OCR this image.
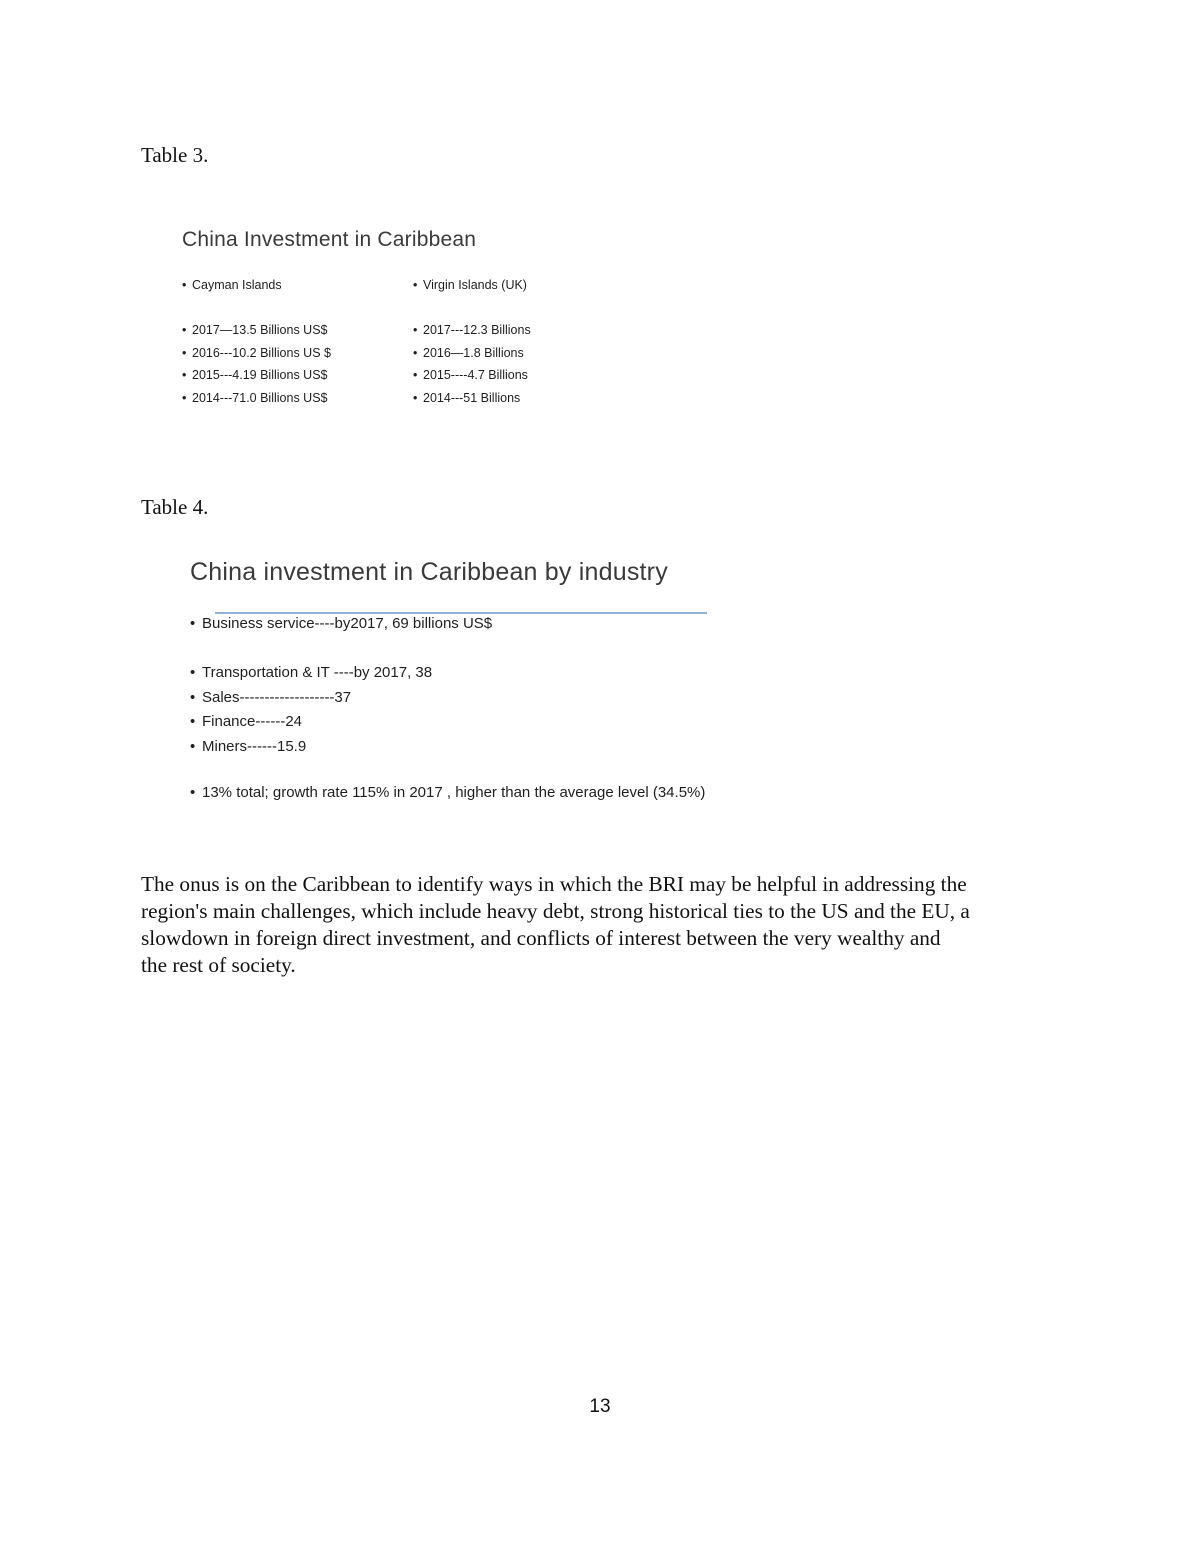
Table 3.
China Investment in Caribbean
• Cayman Islands
•	Virgin Islands (UK)
• 2017—13.5 Billions US$
• 2016---10.2 Billions US $
• 2015---4.19 Billions US$
• 2014---71.0 Billions US$
• 2017---12.3 Billions
• 2016—1.8 Billions
• 2015----4.7 Billions
• 2014---51 Billions
Table 4.
China investment in Caribbean by industry
• Business service----by2017, 69 billions US$
• Transportation & IT ----by 2017, 38
• Sales-------------------37
• Finance------24
• Miners------15.9
• 13% total; growth rate 115% in 2017 , higher than the average level (34.5%)

The onus is on the Caribbean to identify ways in which the BRI may be helpful in addressing the
region's main challenges, which include heavy debt, strong historical ties to the US and the EU, a
slowdown in foreign direct investment, and conflicts of interest between the very wealthy and
the rest of society.

13
